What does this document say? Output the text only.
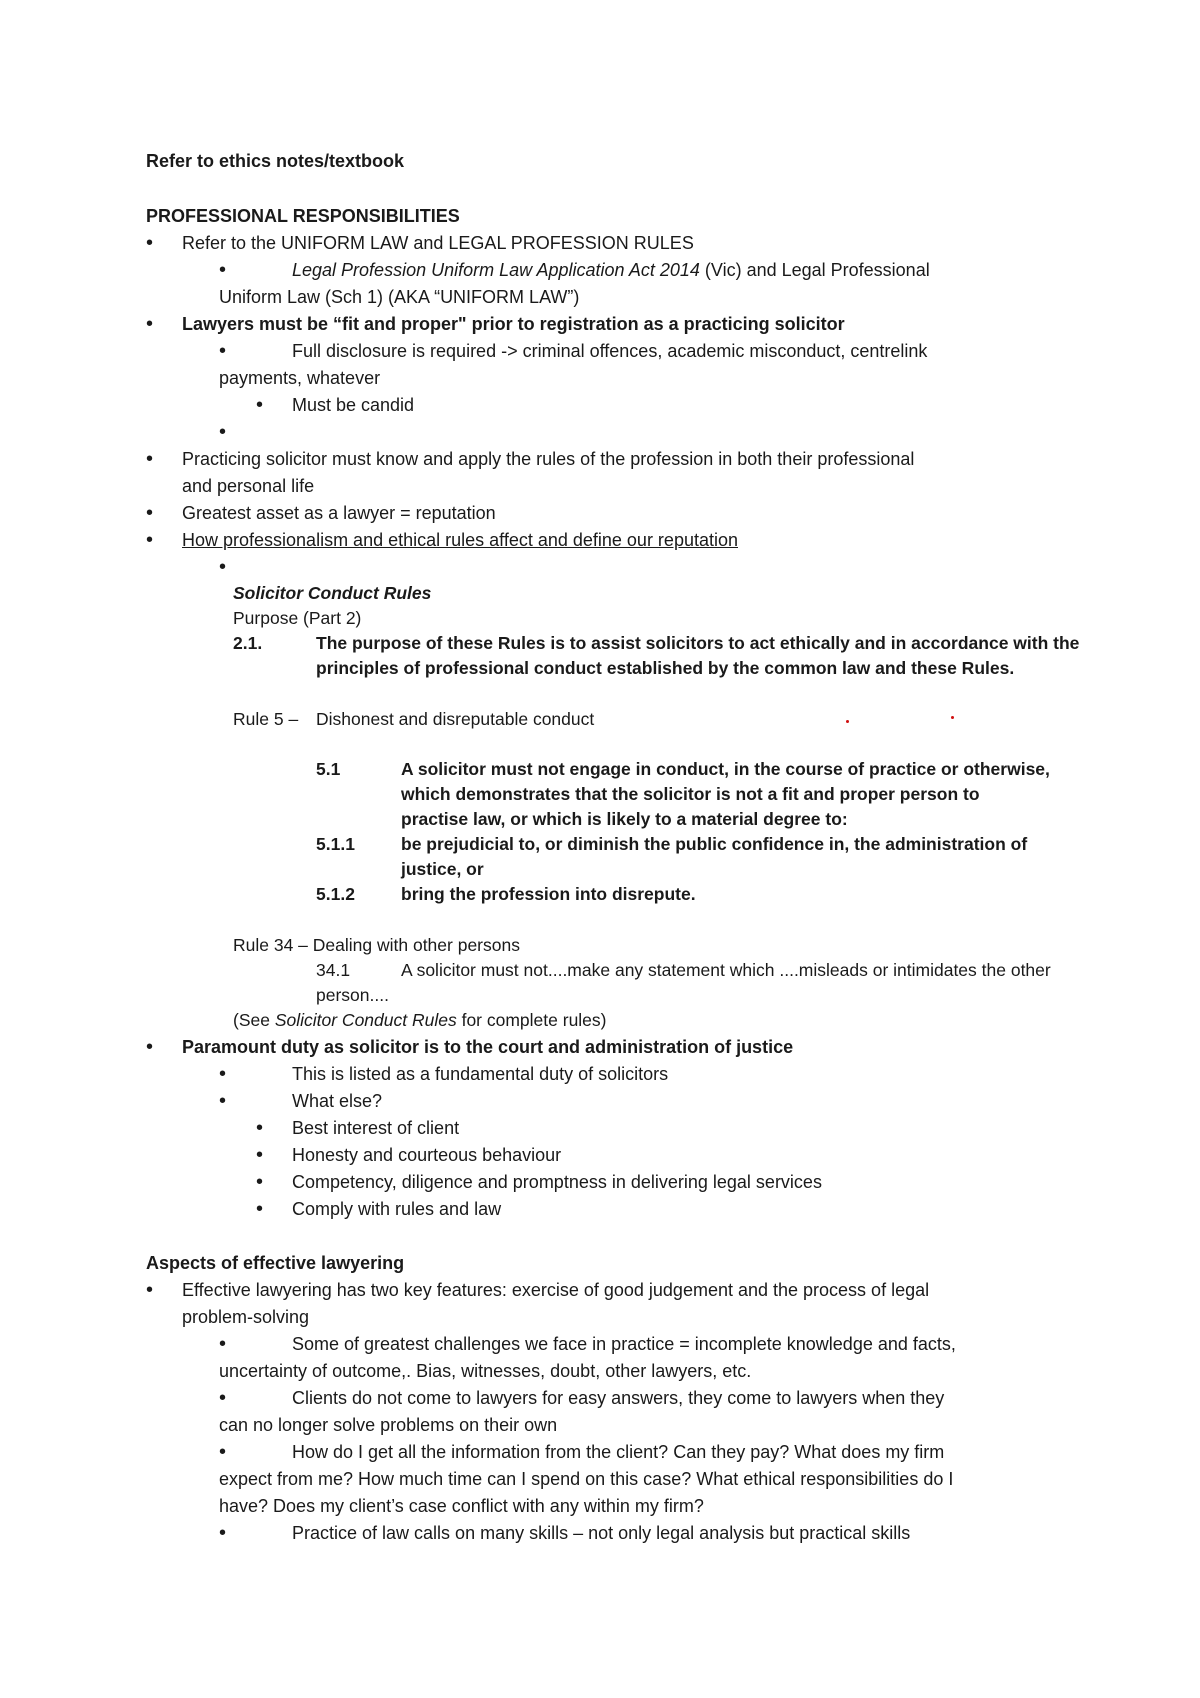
Refer to ethics notes/textbook
PROFESSIONAL RESPONSIBILITIES
• Refer to the UNIFORM LAW and LEGAL PROFESSION RULES
•	Legal Profession Uniform Law Application Act 2014 (Vic) and Legal Professional
Uniform Law (Sch 1) (AKA “UNIFORM LAW”)
• Lawyers must be “fit and proper" prior to registration as a practicing solicitor
•	Full disclosure is required -> criminal offences, academic misconduct, centrelink
payments, whatever
• Must be candid
•
• Practicing solicitor must know and apply the rules of the profession in both their professional
and personal life
• Greatest asset as a lawyer = reputation
• How professionalism and ethical rules affect and define our reputation
•
Solicitor Conduct Rules
Purpose (Part 2)
2.1.	The purpose of these Rules is to assist solicitors to act ethically and in accordance with the
principles of professional conduct established by the common law and these Rules.
Rule 5 – Dishonest and disreputable conduct
5.1	A solicitor must not engage in conduct, in the course of practice or otherwise,
which demonstrates that the solicitor is not a fit and proper person to
practise law, or which is likely to a material degree to:
5.1.1	be prejudicial to, or diminish the public confidence in, the administration of
justice, or
5.1.2	bring the profession into disrepute.
Rule 34 – Dealing with other persons
34.1	A solicitor must not....make any statement which ....misleads or intimidates the other
person....
(See Solicitor Conduct Rules for complete rules)
• Paramount duty as solicitor is to the court and administration of justice
•	This is listed as a fundamental duty of solicitors
•	What else?
• Best interest of client
• Honesty and courteous behaviour
• Competency, diligence and promptness in delivering legal services
• Comply with rules and law
Aspects of effective lawyering
• Effective lawyering has two key features: exercise of good judgement and the process of legal
problem-solving
•	Some of greatest challenges we face in practice = incomplete knowledge and facts,
uncertainty of outcome,. Bias, witnesses, doubt, other lawyers, etc.
•	Clients do not come to lawyers for easy answers, they come to lawyers when they
can no longer solve problems on their own
•	How do I get all the information from the client? Can they pay? What does my firm
expect from me? How much time can I spend on this case? What ethical responsibilities do I
have? Does my client’s case conflict with any within my firm?
•	Practice of law calls on many skills – not only legal analysis but practical skills
